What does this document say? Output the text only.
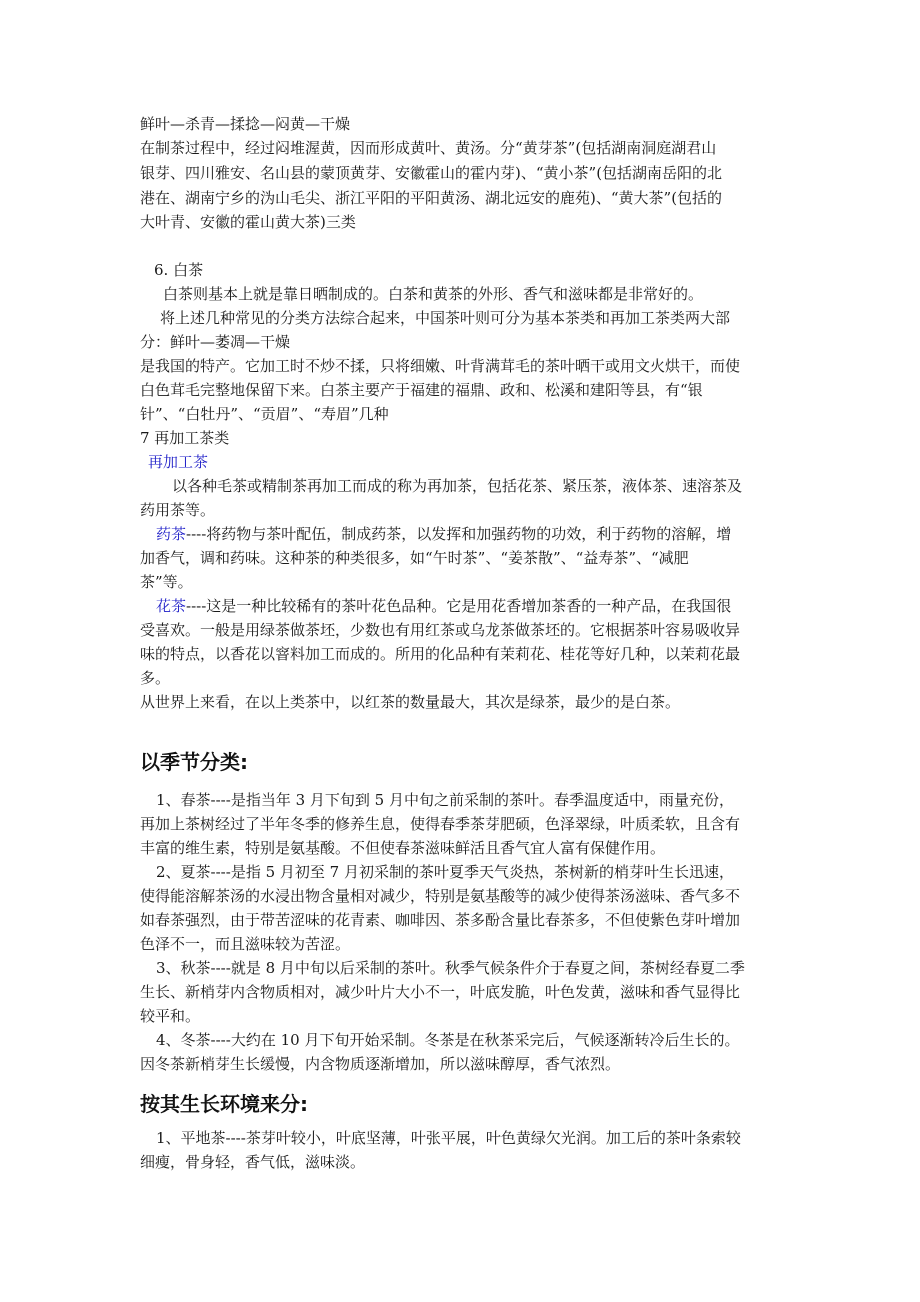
鲜叶—杀青—揉捻—闷黄—干燥
在制茶过程中，经过闷堆渥黄，因而形成黄叶、黄汤。分“黄芽茶”(包括湖南洞庭湖君山
银芽、四川雅安、名山县的蒙顶黄芽、安徽霍山的霍内芽)、“黄小茶”(包括湖南岳阳的北
港在、湖南宁乡的沩山毛尖、浙江平阳的平阳黄汤、湖北远安的鹿苑)、“黄大茶”(包括的
大叶青、安徽的霍山黄大茶)三类
6. 白茶
白茶则基本上就是靠日晒制成的。白茶和黄茶的外形、香气和滋味都是非常好的。
将上述几种常见的分类方法综合起来，中国茶叶则可分为基本茶类和再加工茶类两大部
分：鲜叶—萎凋—干燥
是我国的特产。它加工时不炒不揉，只将细嫩、叶背满茸毛的茶叶晒干或用文火烘干，而使
白色茸毛完整地保留下来。白茶主要产于福建的福鼎、政和、松溪和建阳等县，有“银
针”、“白牡丹”、“贡眉”、“寿眉”几种
7 再加工茶类
再加工茶
以各种毛茶或精制茶再加工而成的称为再加茶，包括花茶、紧压茶，液体茶、速溶茶及
药用茶等。
药茶----将药物与茶叶配伍，制成药茶，以发挥和加强药物的功效，利于药物的溶解，增
加香气，调和药味。这种茶的种类很多，如“午时茶”、“姜茶散”、“益寿茶”、“减肥
茶”等。
花茶----这是一种比较稀有的茶叶花色品种。它是用花香增加茶香的一种产品，在我国很
受喜欢。一般是用绿茶做茶坯，少数也有用红茶或乌龙茶做茶坯的。它根据茶叶容易吸收异
味的特点，以香花以窨料加工而成的。所用的化品种有茉莉花、桂花等好几种，以茉莉花最
多。
从世界上来看，在以上类茶中，以红茶的数量最大，其次是绿茶，最少的是白茶。
以季节分类:
1、春茶----是指当年 3 月下旬到 5 月中旬之前采制的茶叶。春季温度适中，雨量充份，
再加上茶树经过了半年冬季的修养生息，使得春季茶芽肥硕，色泽翠绿，叶质柔软，且含有
丰富的维生素，特别是氨基酸。不但使春茶滋味鲜活且香气宜人富有保健作用。
2、夏茶----是指 5 月初至 7 月初采制的茶叶夏季天气炎热，茶树新的梢芽叶生长迅速，
使得能溶解茶汤的水浸出物含量相对减少，特别是氨基酸等的减少使得茶汤滋味、香气多不
如春茶强烈，由于带苦涩味的花青素、咖啡因、茶多酚含量比春茶多，不但使紫色芽叶增加
色泽不一，而且滋味较为苦涩。
3、秋茶----就是 8 月中旬以后采制的茶叶。秋季气候条件介于春夏之间，茶树经春夏二季
生长、新梢芽内含物质相对，减少叶片大小不一，叶底发脆，叶色发黄，滋味和香气显得比
较平和。
4、冬茶----大约在 10 月下旬开始采制。冬茶是在秋茶采完后，气候逐渐转冷后生长的。
因冬茶新梢芽生长缓慢，内含物质逐渐增加，所以滋味醇厚，香气浓烈。
按其生长环境来分:
1、平地茶----茶芽叶较小，叶底坚薄，叶张平展，叶色黄绿欠光润。加工后的茶叶条索较
细瘦，骨身轻，香气低，滋味淡。
